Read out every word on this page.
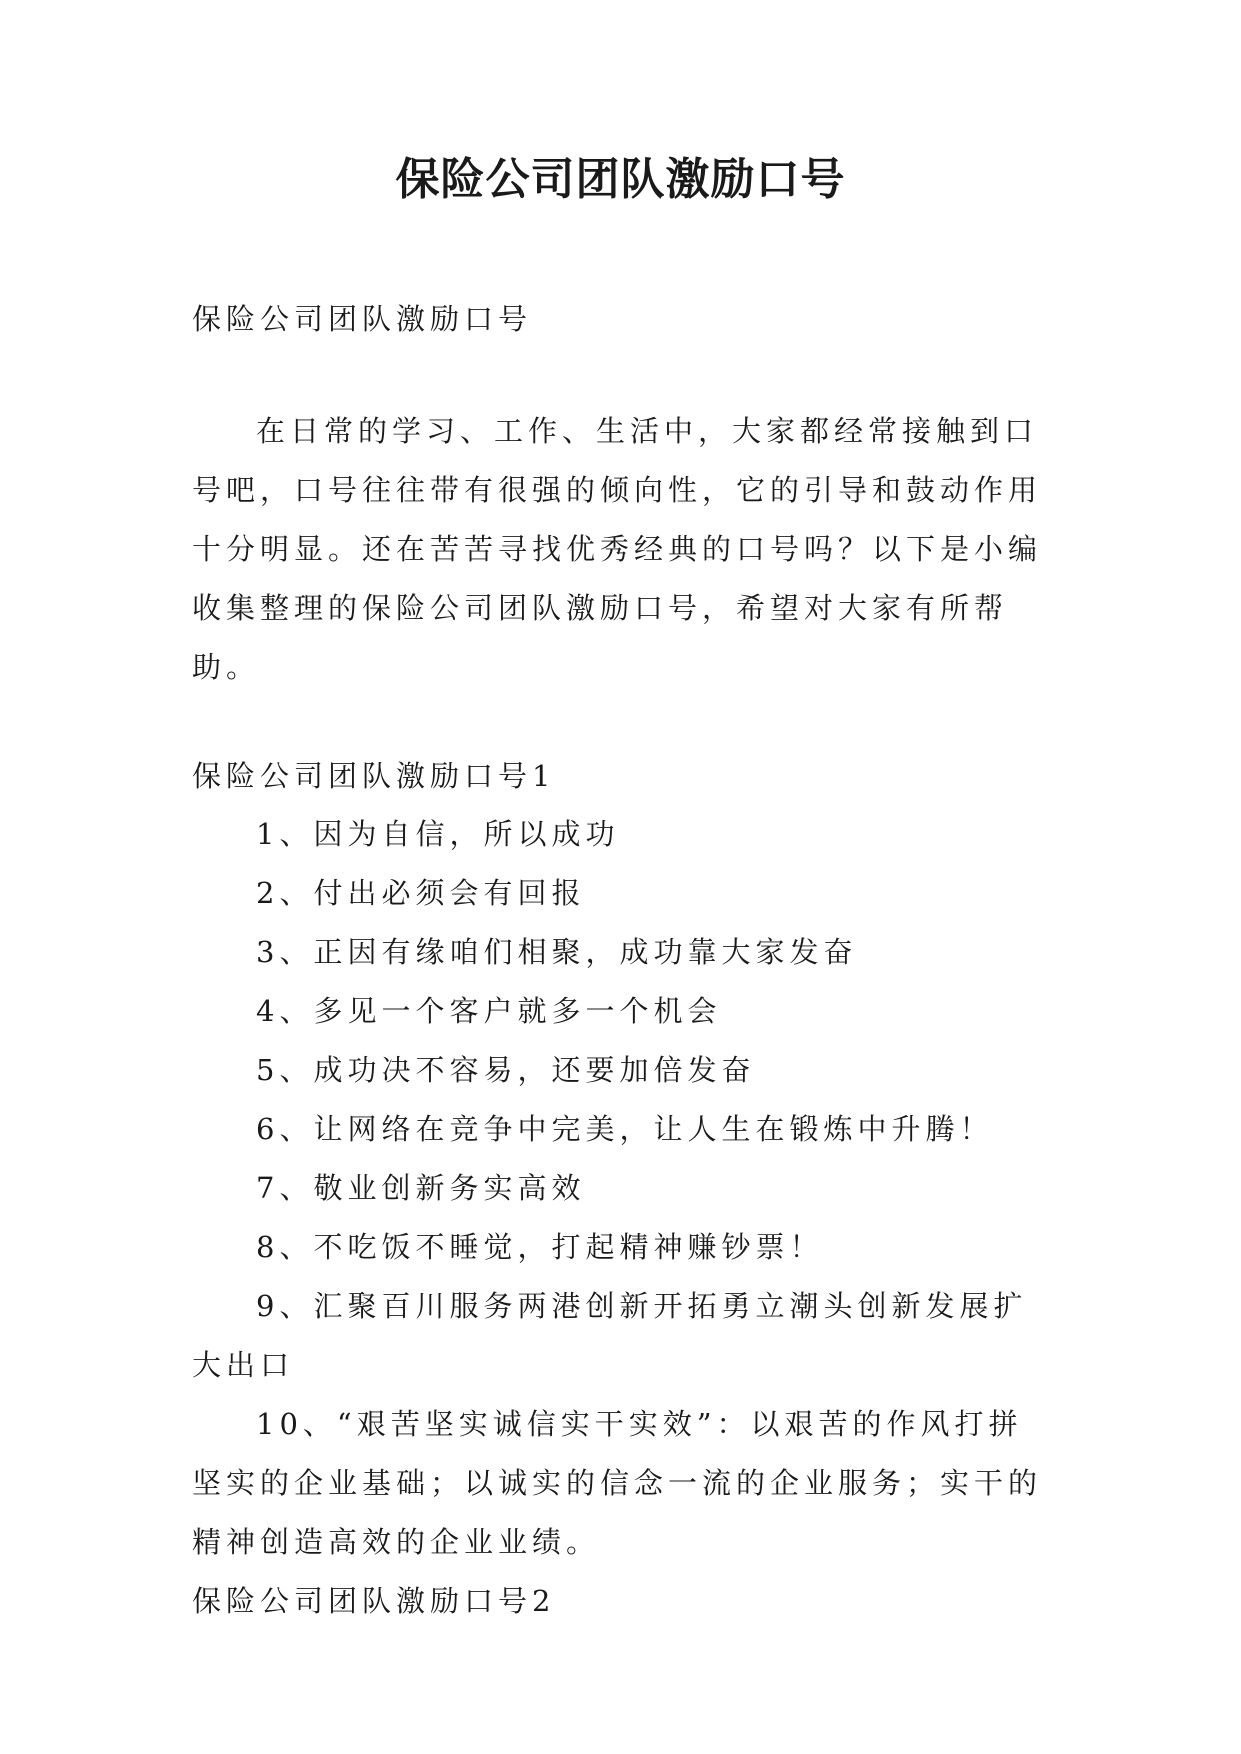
保险公司团队激励口号

保险公司团队激励口号

在日常的学习、工作、生活中，大家都经常接触到口号吧，口号往往带有很强的倾向性，它的引导和鼓动作用十分明显。还在苦苦寻找优秀经典的口号吗？以下是小编收集整理的保险公司团队激励口号，希望对大家有所帮助。

保险公司团队激励口号1

1、因为自信，所以成功

2、付出必须会有回报

3、正因有缘咱们相聚，成功靠大家发奋

4、多见一个客户就多一个机会

5、成功决不容易，还要加倍发奋

6、让网络在竞争中完美，让人生在锻炼中升腾！

7、敬业创新务实高效

8、不吃饭不睡觉，打起精神赚钞票！

9、汇聚百川服务两港创新开拓勇立潮头创新发展扩大出口

10、“艰苦坚实诚信实干实效”：以艰苦的作风打拼坚实的企业基础；以诚实的信念一流的企业服务；实干的精神创造高效的企业业绩。

保险公司团队激励口号2
